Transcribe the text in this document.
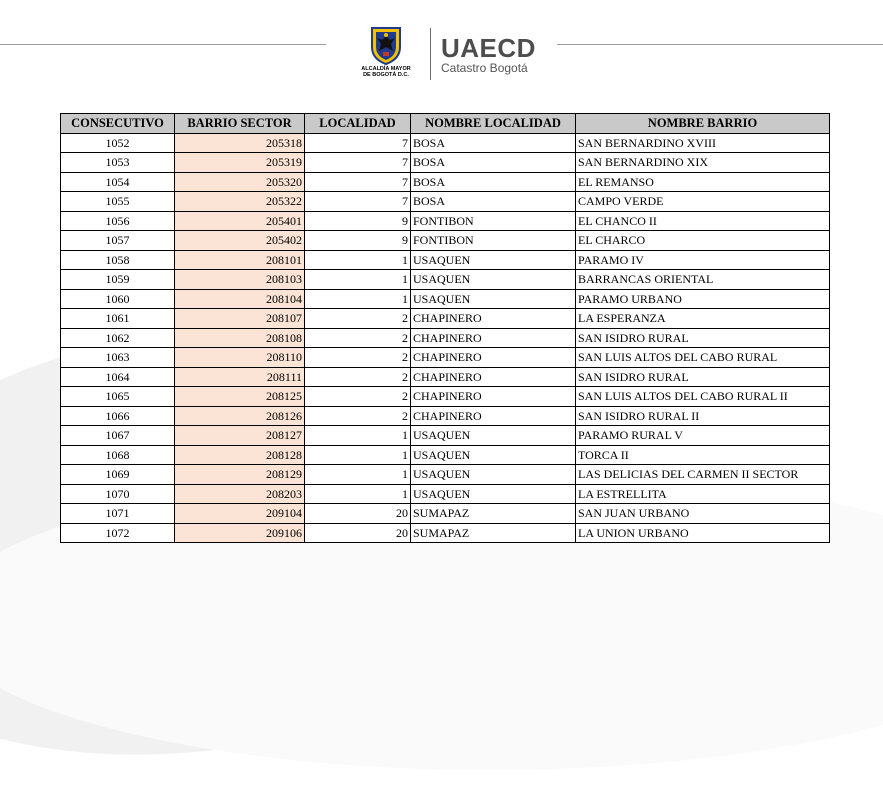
ALCALDÍA MAYOR
DE BOGOTÁ D.C.
UAECD
Catastro Bogotá
CONSECUTIVO	BARRIO SECTOR	LOCALIDAD	NOMBRE LOCALIDAD	NOMBRE BARRIO
1052	205318	7	BOSA	SAN BERNARDINO XVIII
1053	205319	7	BOSA	SAN BERNARDINO XIX
1054	205320	7	BOSA	EL REMANSO
1055	205322	7	BOSA	CAMPO VERDE
1056	205401	9	FONTIBON	EL CHANCO II
1057	205402	9	FONTIBON	EL CHARCO
1058	208101	1	USAQUEN	PARAMO IV
1059	208103	1	USAQUEN	BARRANCAS ORIENTAL
1060	208104	1	USAQUEN	PARAMO URBANO
1061	208107	2	CHAPINERO	LA ESPERANZA
1062	208108	2	CHAPINERO	SAN ISIDRO RURAL
1063	208110	2	CHAPINERO	SAN LUIS ALTOS DEL CABO RURAL
1064	208111	2	CHAPINERO	SAN ISIDRO RURAL
1065	208125	2	CHAPINERO	SAN LUIS ALTOS DEL CABO RURAL II
1066	208126	2	CHAPINERO	SAN ISIDRO RURAL II
1067	208127	1	USAQUEN	PARAMO RURAL V
1068	208128	1	USAQUEN	TORCA II
1069	208129	1	USAQUEN	LAS DELICIAS DEL CARMEN II SECTOR
1070	208203	1	USAQUEN	LA ESTRELLITA
1071	209104	20	SUMAPAZ	SAN JUAN URBANO
1072	209106	20	SUMAPAZ	LA UNION URBANO
